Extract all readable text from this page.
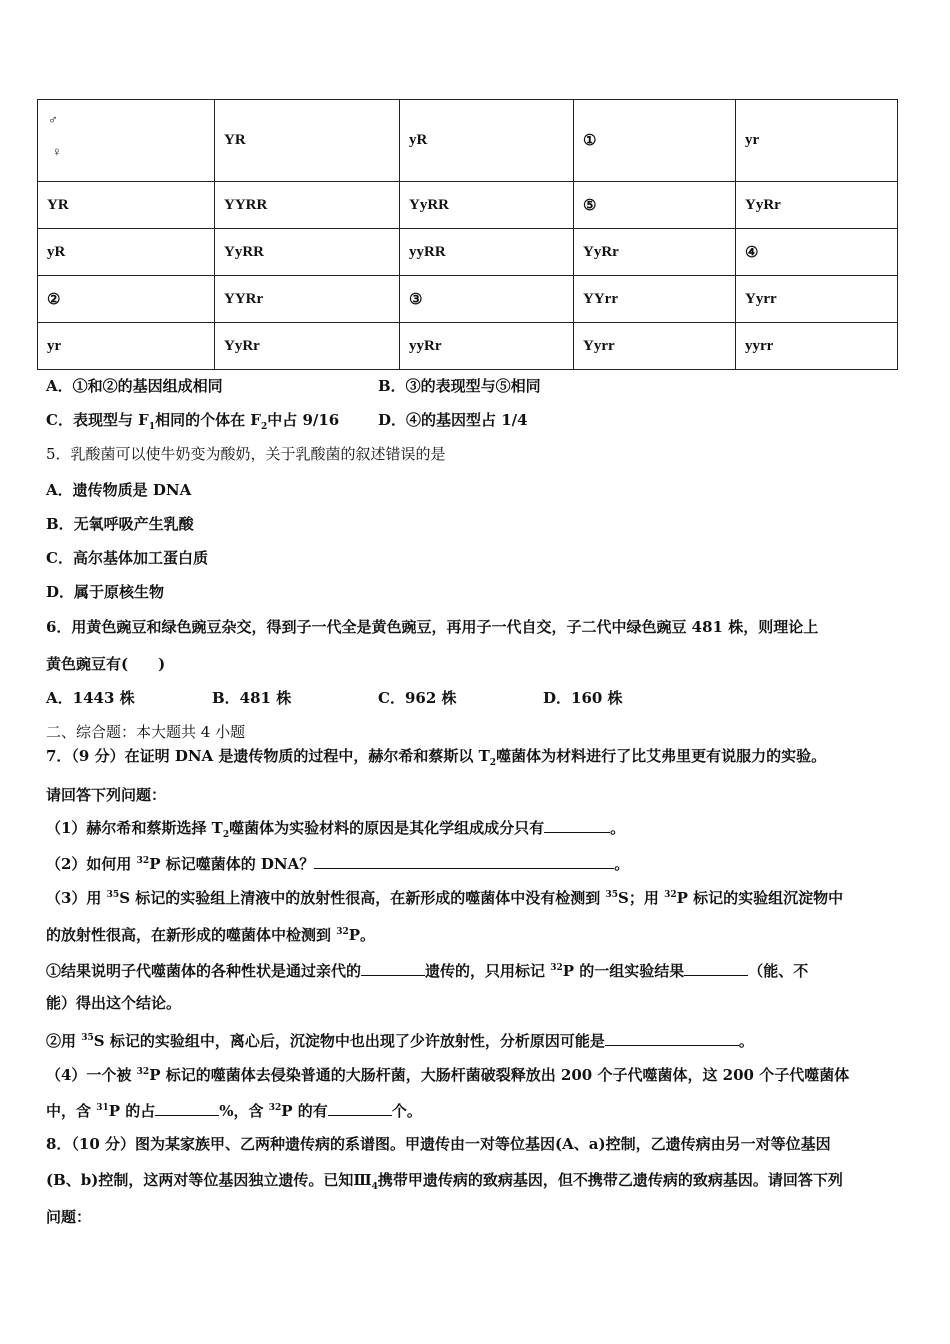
♂
♀	YR	yR	①	yr
YR	YYRR	YyRR	⑤	YyRr
yR	YyRR	yyRR	YyRr	④
②	YYRr	③	YYrr	Yyrr
yr	YyRr	yyRr	Yyrr	yyrr
A．①和②的基因组成相同	B．③的表现型与⑤相同
C．表现型与 $F_1$相同的个体在 $F_2$中占 9/16	D．④的基因型占 1/4
5．乳酸菌可以使牛奶变为酸奶，关于乳酸菌的叙述错误的是
A．遗传物质是 DNA
B．无氧呼吸产生乳酸
C．高尔基体加工蛋白质
D．属于原核生物
6．用黄色豌豆和绿色豌豆杂交，得到子一代全是黄色豌豆，再用子一代自交，子二代中绿色豌豆 481 株，则理论上
黄色豌豆有(　　)
A．1443 株	B．481 株	C．962 株	D．160 株
二、综合题：本大题共 4 小题
7．（9 分）在证明 DNA 是遗传物质的过程中，赫尔希和蔡斯以 $T_2$噬菌体为材料进行了比艾弗里更有说服力的实验。
请回答下列问题：
（1）赫尔希和蔡斯选择 $T_2$噬菌体为实验材料的原因是其化学组成成分只有	。
（2）如何用 $^{32}$P 标记噬菌体的 DNA？	。
（3）用 $^{35}$S 标记的实验组上清液中的放射性很高，在新形成的噬菌体中没有检测到 $^{35}$S；用 $^{32}$P 标记的实验组沉淀物中
的放射性很高，在新形成的噬菌体中检测到 $^{32}$P。
①结果说明子代噬菌体的各种性状是通过亲代的	遗传的，只用标记 $^{32}$P 的一组实验结果	（能、不
能）得出这个结论。
②用 $^{35}$S 标记的实验组中，离心后，沉淀物中也出现了少许放射性，分析原因可能是	。
（4）一个被 $^{32}$P 标记的噬菌体去侵染普通的大肠杆菌，大肠杆菌破裂释放出 200 个子代噬菌体，这 200 个子代噬菌体
中，含 $^{31}$P 的占	%，含 $^{32}$P 的有	个。
8．（10 分）图为某家族甲、乙两种遗传病的系谱图。甲遗传由一对等位基因(A、a)控制，乙遗传病由另一对等位基因
(B、b)控制，这两对等位基因独立遗传。已知$Ⅲ_4$携带甲遗传病的致病基因，但不携带乙遗传病的致病基因。请回答下列
问题：
